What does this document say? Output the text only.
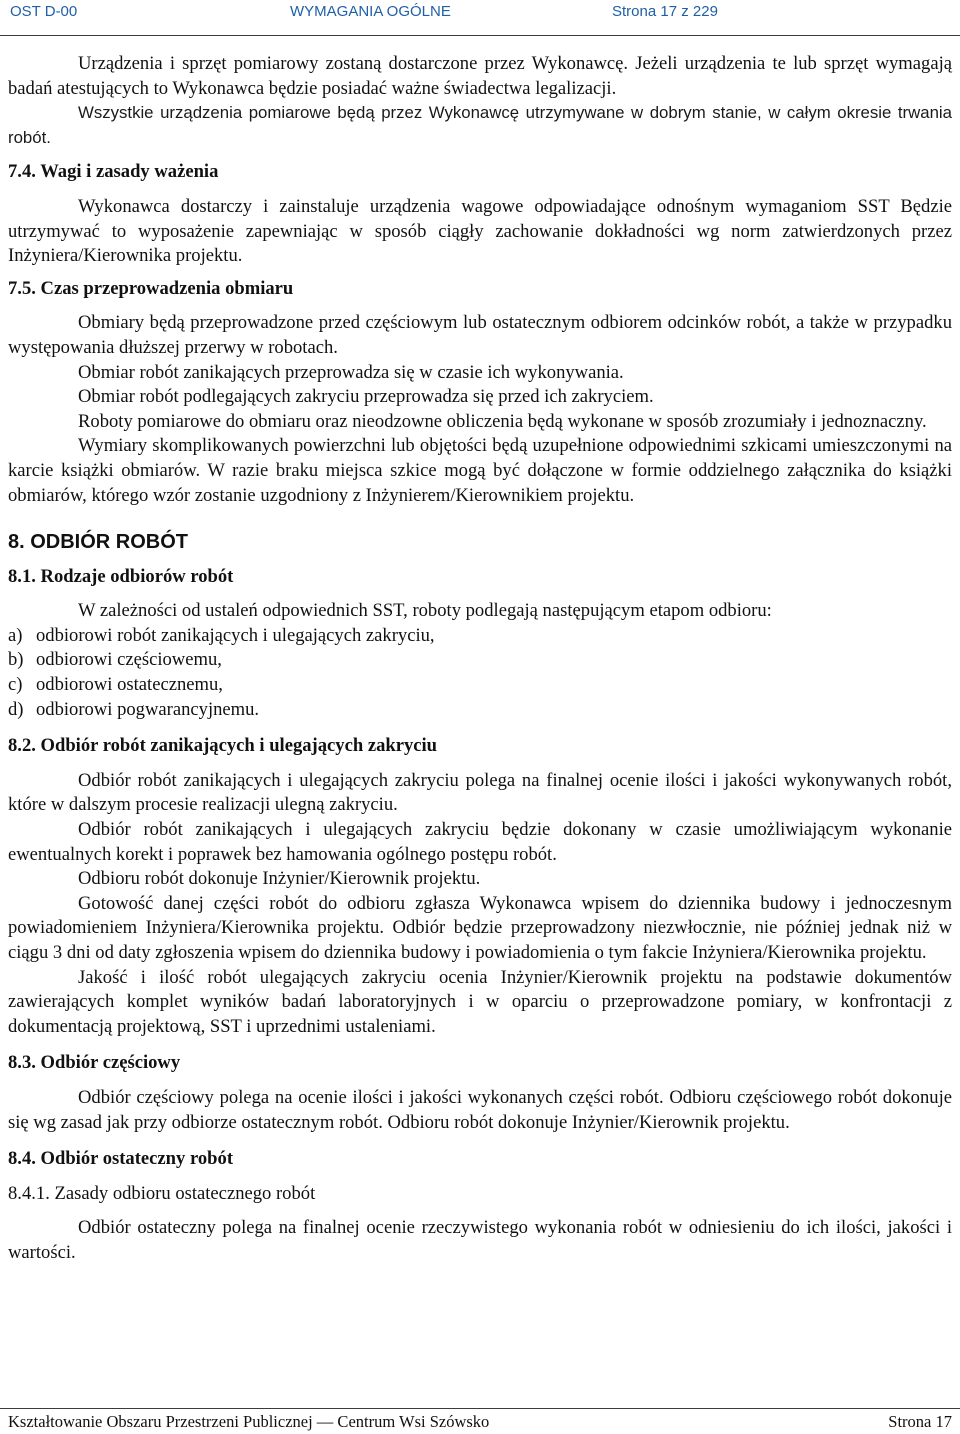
OST D-00	WYMAGANIA OGÓLNE	Strona 17 z 229

Urządzenia i sprzęt pomiarowy zostaną dostarczone przez Wykonawcę. Jeżeli urządzenia te lub sprzęt wymagają badań atestujących to Wykonawca będzie posiadać ważne świadectwa legalizacji.

Wszystkie urządzenia pomiarowe będą przez Wykonawcę utrzymywane w dobrym stanie, w całym okresie trwania robót.

7.4. Wagi i zasady ważenia

Wykonawca dostarczy i zainstaluje urządzenia wagowe odpowiadające odnośnym wymaganiom SST Będzie utrzymywać to wyposażenie zapewniając w sposób ciągły zachowanie dokładności wg norm zatwierdzonych przez Inżyniera/Kierownika projektu.

7.5. Czas przeprowadzenia obmiaru

Obmiary będą przeprowadzone przed częściowym lub ostatecznym odbiorem odcinków robót, a także w przypadku występowania dłuższej przerwy w robotach.

Obmiar robót zanikających przeprowadza się w czasie ich wykonywania.

Obmiar robót podlegających zakryciu przeprowadza się przed ich zakryciem.

Roboty pomiarowe do obmiaru oraz nieodzowne obliczenia będą wykonane w sposób zrozumiały i jednoznaczny.

Wymiary skomplikowanych powierzchni lub objętości będą uzupełnione odpowiednimi szkicami umieszczonymi na karcie książki obmiarów. W razie braku miejsca szkice mogą być dołączone w formie oddzielnego załącznika do książki obmiarów, którego wzór zostanie uzgodniony z Inżynierem/Kierownikiem projektu.

8. ODBIÓR ROBÓT

8.1. Rodzaje odbiorów robót

W zależności od ustaleń odpowiednich SST, roboty podlegają następującym etapom odbioru:

a) odbiorowi robót zanikających i ulegających zakryciu,
b) odbiorowi częściowemu,
c) odbiorowi ostatecznemu,
d) odbiorowi pogwarancyjnemu.

8.2. Odbiór robót zanikających i ulegających zakryciu

Odbiór robót zanikających i ulegających zakryciu polega na finalnej ocenie ilości i jakości wykonywanych robót, które w dalszym procesie realizacji ulegną zakryciu.

Odbiór robót zanikających i ulegających zakryciu będzie dokonany w czasie umożliwiającym wykonanie ewentualnych korekt i poprawek bez hamowania ogólnego postępu robót.

Odbioru robót dokonuje Inżynier/Kierownik projektu.

Gotowość danej części robót do odbioru zgłasza Wykonawca wpisem do dziennika budowy i jednoczesnym powiadomieniem Inżyniera/Kierownika projektu. Odbiór będzie przeprowadzony niezwłocznie, nie później jednak niż w ciągu 3 dni od daty zgłoszenia wpisem do dziennika budowy i powiadomienia o tym fakcie Inżyniera/Kierownika projektu.

Jakość i ilość robót ulegających zakryciu ocenia Inżynier/Kierownik projektu na podstawie dokumentów zawierających komplet wyników badań laboratoryjnych i w oparciu o przeprowadzone pomiary, w konfrontacji z dokumentacją projektową, SST i uprzednimi ustaleniami.

8.3. Odbiór częściowy

Odbiór częściowy polega na ocenie ilości i jakości wykonanych części robót. Odbioru częściowego robót dokonuje się wg zasad jak przy odbiorze ostatecznym robót. Odbioru robót dokonuje Inżynier/Kierownik projektu.

8.4. Odbiór ostateczny robót

8.4.1. Zasady odbioru ostatecznego robót

Odbiór ostateczny polega na finalnej ocenie rzeczywistego wykonania robót w odniesieniu do ich ilości, jakości i wartości.

Kształtowanie Obszaru Przestrzeni Publicznej — Centrum Wsi Szówsko	Strona 17
